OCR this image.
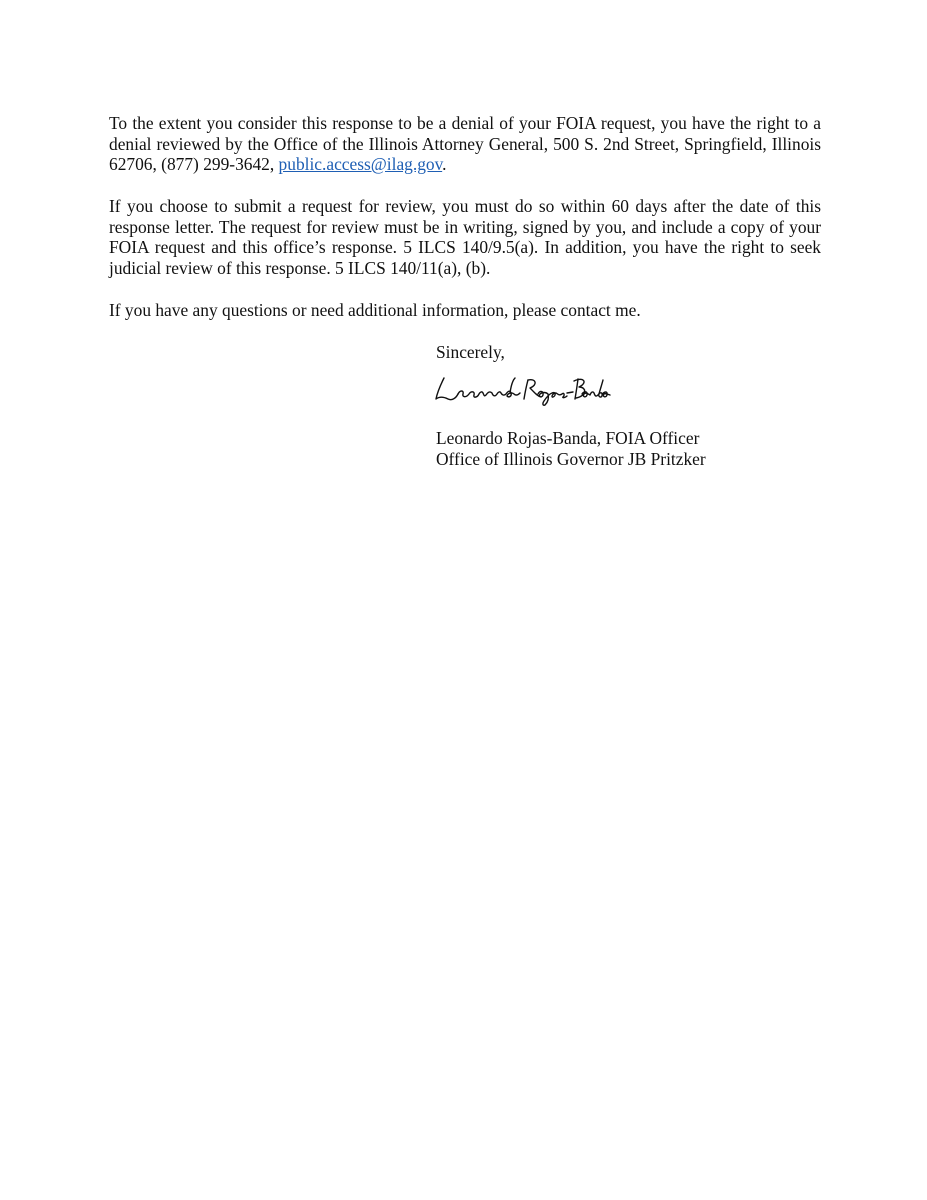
To the extent you consider this response to be a denial of your FOIA request, you have the right to a denial reviewed by the Office of the Illinois Attorney General, 500 S. 2nd Street, Springfield, Illinois 62706, (877) 299-3642, public.access@ilag.gov.

If you choose to submit a request for review, you must do so within 60 days after the date of this response letter. The request for review must be in writing, signed by you, and include a copy of your FOIA request and this office’s response. 5 ILCS 140/9.5(a). In addition, you have the right to seek judicial review of this response. 5 ILCS 140/11(a), (b).

If you have any questions or need additional information, please contact me.

Sincerely,

Leonardo Rojas-Banda, FOIA Officer

Office of Illinois Governor JB Pritzker
